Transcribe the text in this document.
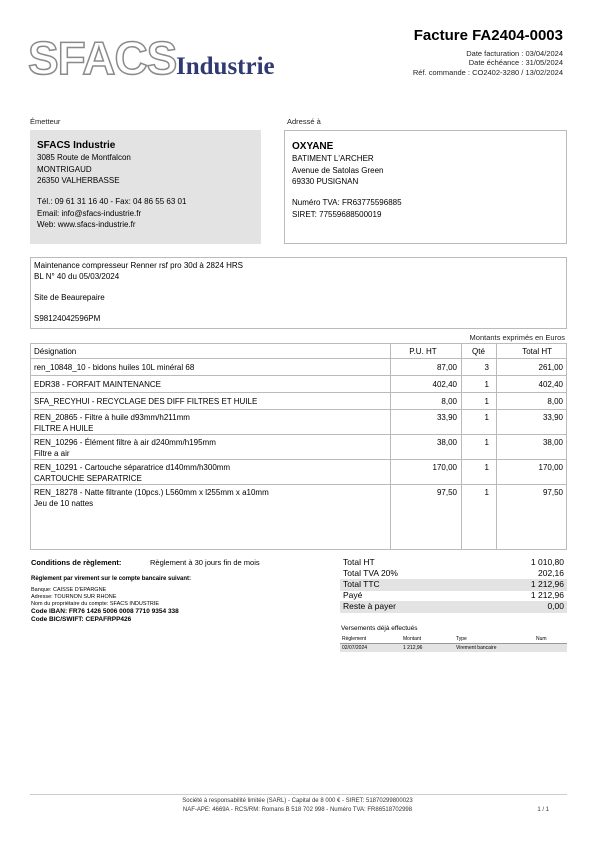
SFACS Industrie
Facture FA2404-0003
Date facturation : 03/04/2024
Date échéance : 31/05/2024
Réf. commande : CO2402-3280 / 13/02/2024
Émetteur	Adressé à
SFACS Industrie
3085 Route de Montfalcon
MONTRIGAUD
26350 VALHERBASSE
Tél.: 09 61 31 16 40 - Fax: 04 86 55 63 01
Email: info@sfacs-industrie.fr
Web: www.sfacs-industrie.fr
OXYANE
BATIMENT L'ARCHER
Avenue de Satolas Green
69330 PUSIGNAN
Numéro TVA: FR63775596885
SIRET: 77559688500019
Maintenance compresseur Renner rsf pro 30d à 2824 HRS
BL N° 40 du 05/03/2024

Site de Beaurepaire

S98124042596PM
Montants exprimés en Euros
Désignation	P.U. HT	Qté	Total HT
ren_10848_10 - bidons huiles 10L minéral 68	87,00	3	261,00
EDR38 - FORFAIT MAINTENANCE	402,40	1	402,40
SFA_RECYHUI - RECYCLAGE DES DIFF FILTRES ET HUILE	8,00	1	8,00
REN_20865 - Filtre à huile d93mm/h211mm
FILTRE A HUILE
33,90	1	33,90
REN_10296 - Élément filtre à air d240mm/h195mm
Filtre a air
38,00	1	38,00
REN_10291 - Cartouche séparatrice d140mm/h300mm
CARTOUCHE SEPARATRICE
170,00	1	170,00
REN_18278 - Natte filtrante (10pcs.) L560mm x l255mm x a10mm
Jeu de 10 nattes
97,50	1	97,50
Conditions de règlement:	Règlement à 30 jours fin de mois
Règlement par virement sur le compte bancaire suivant:
Banque: CAISSE D'EPARGNE
Adresse: TOURNON SUR RHONE
Nom du propriétaire du compte: SFACS INDUSTRIE
Code IBAN: FR76 1426 5006 0008 7710 9354 338
Code BIC/SWIFT: CEPAFRPP426
Total HT	1 010,80
Total TVA 20%	202,16
Total TTC	1 212,96
Payé	1 212,96
Reste à payer	0,00
Versements déjà effectués
Règlement	Montant	Type	Num
02/07/2024	1 212,96	Virement bancaire
Société à responsabilité limitée (SARL) - Capital de 8 000 € - SIRET: 51870299800023
NAF-APE: 4669A - RCS/RM: Romans B 518 702 998 - Numéro TVA: FR86518702998	1 / 1
